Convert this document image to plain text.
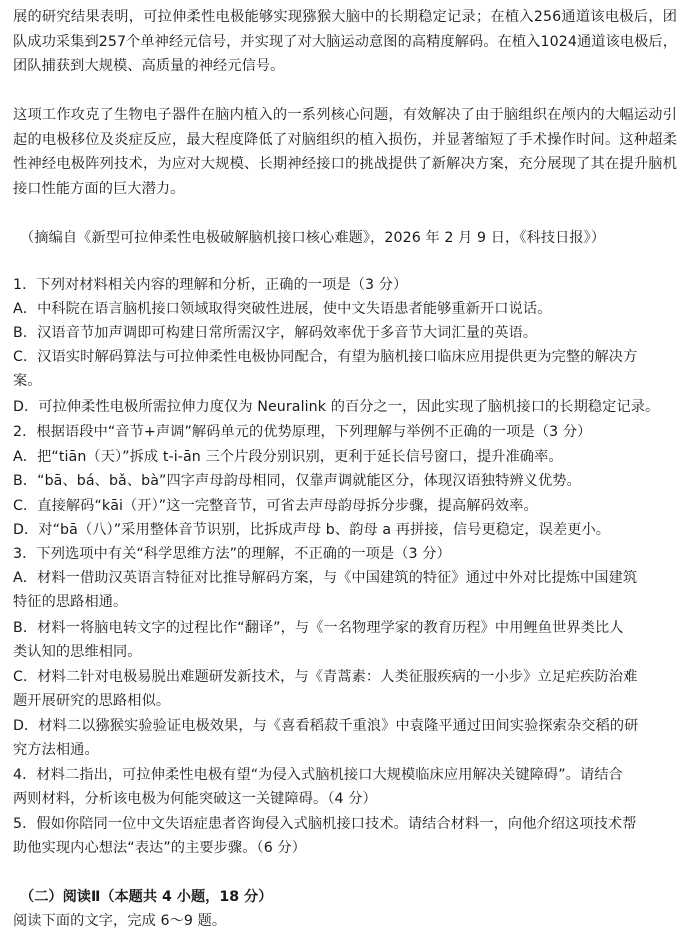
展的研究结果表明，可拉伸柔性电极能够实现猕猴大脑中的长期稳定记录；在植入256通道该电极后，团队成功采集到257个单神经元信号，并实现了对大脑运动意图的高精度解码。在植入1024通道该电极后，团队捕获到大规模、高质量的神经元信号。
这项工作攻克了生物电子器件在脑内植入的一系列核心问题，有效解决了由于脑组织在颅内的大幅运动引起的电极移位及炎症反应，最大程度降低了对脑组织的植入损伤，并显著缩短了手术操作时间。这种超柔性神经电极阵列技术，为应对大规模、长期神经接口的挑战提供了新解决方案，充分展现了其在提升脑机接口性能方面的巨大潜力。
（摘编自《新型可拉伸柔性电极破解脑机接口核心难题》，2026 年 2 月 9 日，《科技日报》）
1．下列对材料相关内容的理解和分析，正确的一项是（3 分）
A．中科院在语言脑机接口领域取得突破性进展，使中文失语患者能够重新开口说话。
B．汉语音节加声调即可构建日常所需汉字，解码效率优于多音节大词汇量的英语。
C．汉语实时解码算法与可拉伸柔性电极协同配合，有望为脑机接口临床应用提供更为完整的解决方
案。
D．可拉伸柔性电极所需拉伸力度仅为 Neuralink 的百分之一，因此实现了脑机接口的长期稳定记录。
2．根据语段中“音节+声调”解码单元的优势原理，下列理解与举例不正确的一项是（3 分）
A．把“tiān（天）”拆成 t-i-ān 三个片段分别识别，更利于延长信号窗口，提升准确率。
B．“bā、bá、bǎ、bà”四字声母韵母相同，仅靠声调就能区分，体现汉语独特辨义优势。
C．直接解码“kāi（开）”这一完整音节，可省去声母韵母拆分步骤，提高解码效率。
D．对“bā（八）”采用整体音节识别，比拆成声母 b、韵母 a 再拼接，信号更稳定，误差更小。
3．下列选项中有关“科学思维方法”的理解，不正确的一项是（3 分）
A．材料一借助汉英语言特征对比推导解码方案，与《中国建筑的特征》通过中外对比提炼中国建筑
特征的思路相通。
B．材料一将脑电转文字的过程比作“翻译”，与《一名物理学家的教育历程》中用鲤鱼世界类比人
类认知的思维相同。
C．材料二针对电极易脱出难题研发新技术，与《青蒿素：人类征服疾病的一小步》立足疟疾防治难
题开展研究的思路相似。
D．材料二以猕猴实验验证电极效果，与《喜看稻菽千重浪》中袁隆平通过田间实验探索杂交稻的研
究方法相通。
4．材料二指出，可拉伸柔性电极有望“为侵入式脑机接口大规模临床应用解决关键障碍”。请结合
两则材料，分析该电极为何能突破这一关键障碍。（4 分）
5．假如你陪同一位中文失语症患者咨询侵入式脑机接口技术。请结合材料一，向他介绍这项技术帮
助他实现内心想法“表达”的主要步骤。（6 分）
（二）阅读Ⅱ（本题共 4 小题，18 分）
阅读下面的文字，完成 6～9 题。
